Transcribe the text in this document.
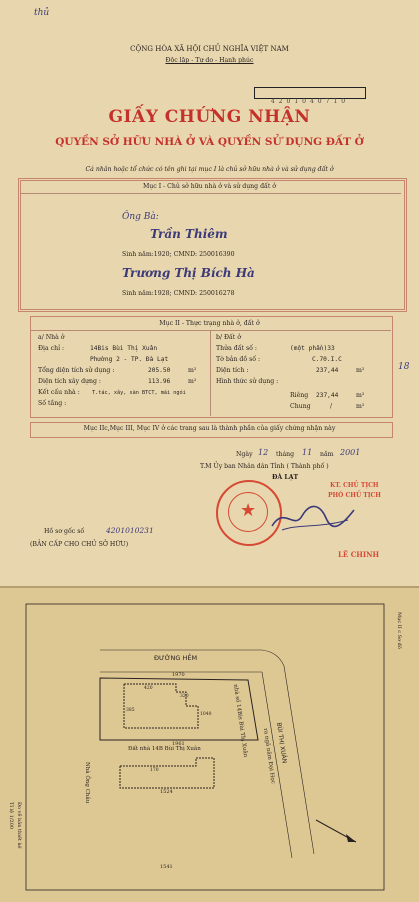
thủ
CỘNG HÒA XÃ HỘI CHỦ NGHĨA VIỆT NAM
Độc lập - Tự do - Hạnh phúc
4201040710
GIẤY CHỨNG NHẬN
QUYỀN SỞ HỮU NHÀ Ở VÀ QUYỀN SỬ DỤNG ĐẤT Ở
Cá nhân hoặc tổ chức có tên ghi tại mục I là chủ sở hữu nhà ở và sử dụng đất ở
Mục I - Chủ sở hữu nhà ở và sử dụng đất ở
Ông Bà:
Trần Thiêm
Sinh năm:1920; CMND: 250016390
Trương Thị Bích Hà
Sinh năm:1928; CMND: 250016278
Mục II - Thực trạng nhà ở, đất ở
a/ Nhà ở
Địa chỉ :	14Bis Bùi Thị Xuân
Phường 2 - TP. Đà Lạt
Tổng diện tích sử dụng :	205.50	m²
Diện tích xây dựng :	113.96	m²
Kết cấu nhà : T.tác, xây, sàn BTCT, mái ngói
Số tầng :
b/ Đất ở
Thửa đất số :	(một phần)33
Tờ bản đồ số :	C.70.I.C
Diện tích :	237,44	m²
Hình thức sử dụng :
Riêng 237,44	m²
Chung	/	m²
18
Mục IIc,Mục III, Mục IV ở các trang sau là thành phần của giấy chứng nhận này
Ngày 12 tháng 11 năm 2001
T.M Ủy ban Nhân dân Tỉnh ( Thành phố )
ĐÀ LẠT
★
KT. CHỦ TỊCH
PHÓ CHỦ TỊCH
LÊ CHINH
Hồ sơ gốc số	4201010231
(BẢN CẤP CHO CHỦ SỞ HỮU)
ĐƯỜNG HẺM
BÙI THỊ XUÂN
ra ngã năm Đại Học
nhà số 14Bis Bùi Thị Xuân
Đất nhà 14B Bùi Thị Xuân
Nhà Ông Châu
Mục II c Sơ đồ
Đo vẽ bản thiết kế
Tỉ lệ 1/200
1970
1961
1524
1541
420
320
170
385
1040
